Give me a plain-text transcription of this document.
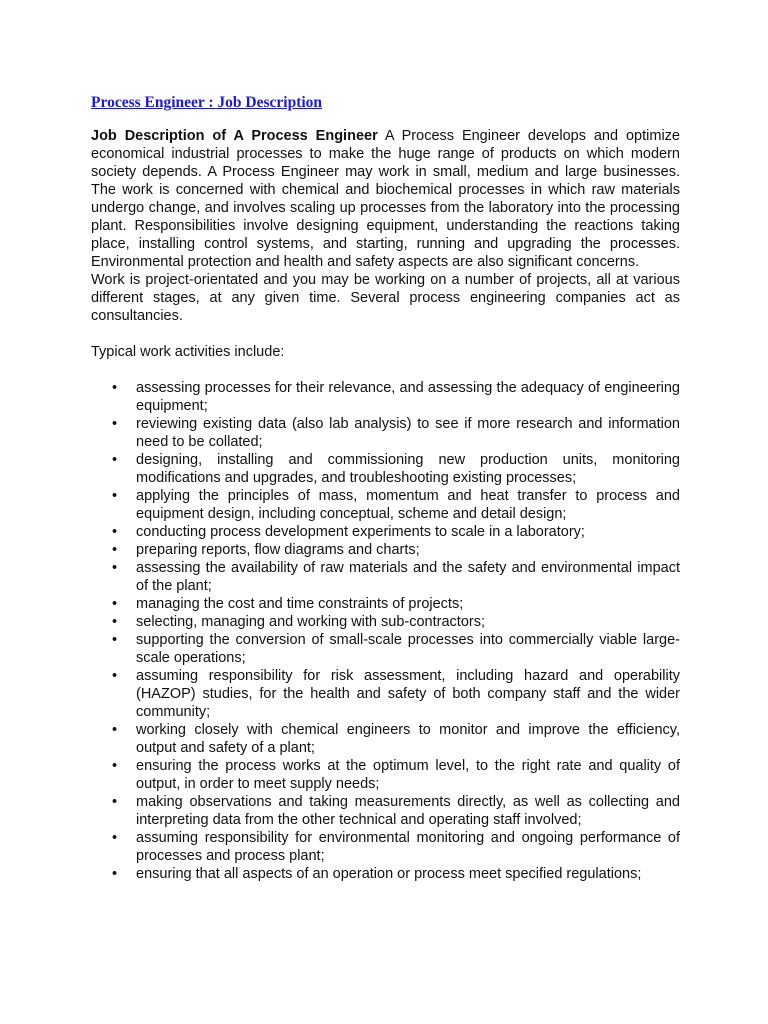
Process Engineer : Job Description

Job Description of A Process Engineer A Process Engineer develops and optimize economical industrial processes to make the huge range of products on which modern society depends. A Process Engineer may work in small, medium and large businesses. The work is concerned with chemical and biochemical processes in which raw materials undergo change, and involves scaling up processes from the laboratory into the processing plant. Responsibilities involve designing equipment, understanding the reactions taking place, installing control systems, and starting, running and upgrading the processes. Environmental protection and health and safety aspects are also significant concerns.

Work is project-orientated and you may be working on a number of projects, all at various different stages, at any given time. Several process engineering companies act as consultancies.

Typical work activities include:

• assessing processes for their relevance, and assessing the adequacy of engineering equipment;
• reviewing existing data (also lab analysis) to see if more research and information need to be collated;
• designing, installing and commissioning new production units, monitoring modifications and upgrades, and troubleshooting existing processes;
• applying the principles of mass, momentum and heat transfer to process and equipment design, including conceptual, scheme and detail design;
• conducting process development experiments to scale in a laboratory;
• preparing reports, flow diagrams and charts;
• assessing the availability of raw materials and the safety and environmental impact of the plant;
• managing the cost and time constraints of projects;
• selecting, managing and working with sub-contractors;
• supporting the conversion of small-scale processes into commercially viable large-scale operations;
• assuming responsibility for risk assessment, including hazard and operability (HAZOP) studies, for the health and safety of both company staff and the wider community;
• working closely with chemical engineers to monitor and improve the efficiency, output and safety of a plant;
• ensuring the process works at the optimum level, to the right rate and quality of output, in order to meet supply needs;
• making observations and taking measurements directly, as well as collecting and interpreting data from the other technical and operating staff involved;
• assuming responsibility for environmental monitoring and ongoing performance of processes and process plant;
• ensuring that all aspects of an operation or process meet specified regulations;
